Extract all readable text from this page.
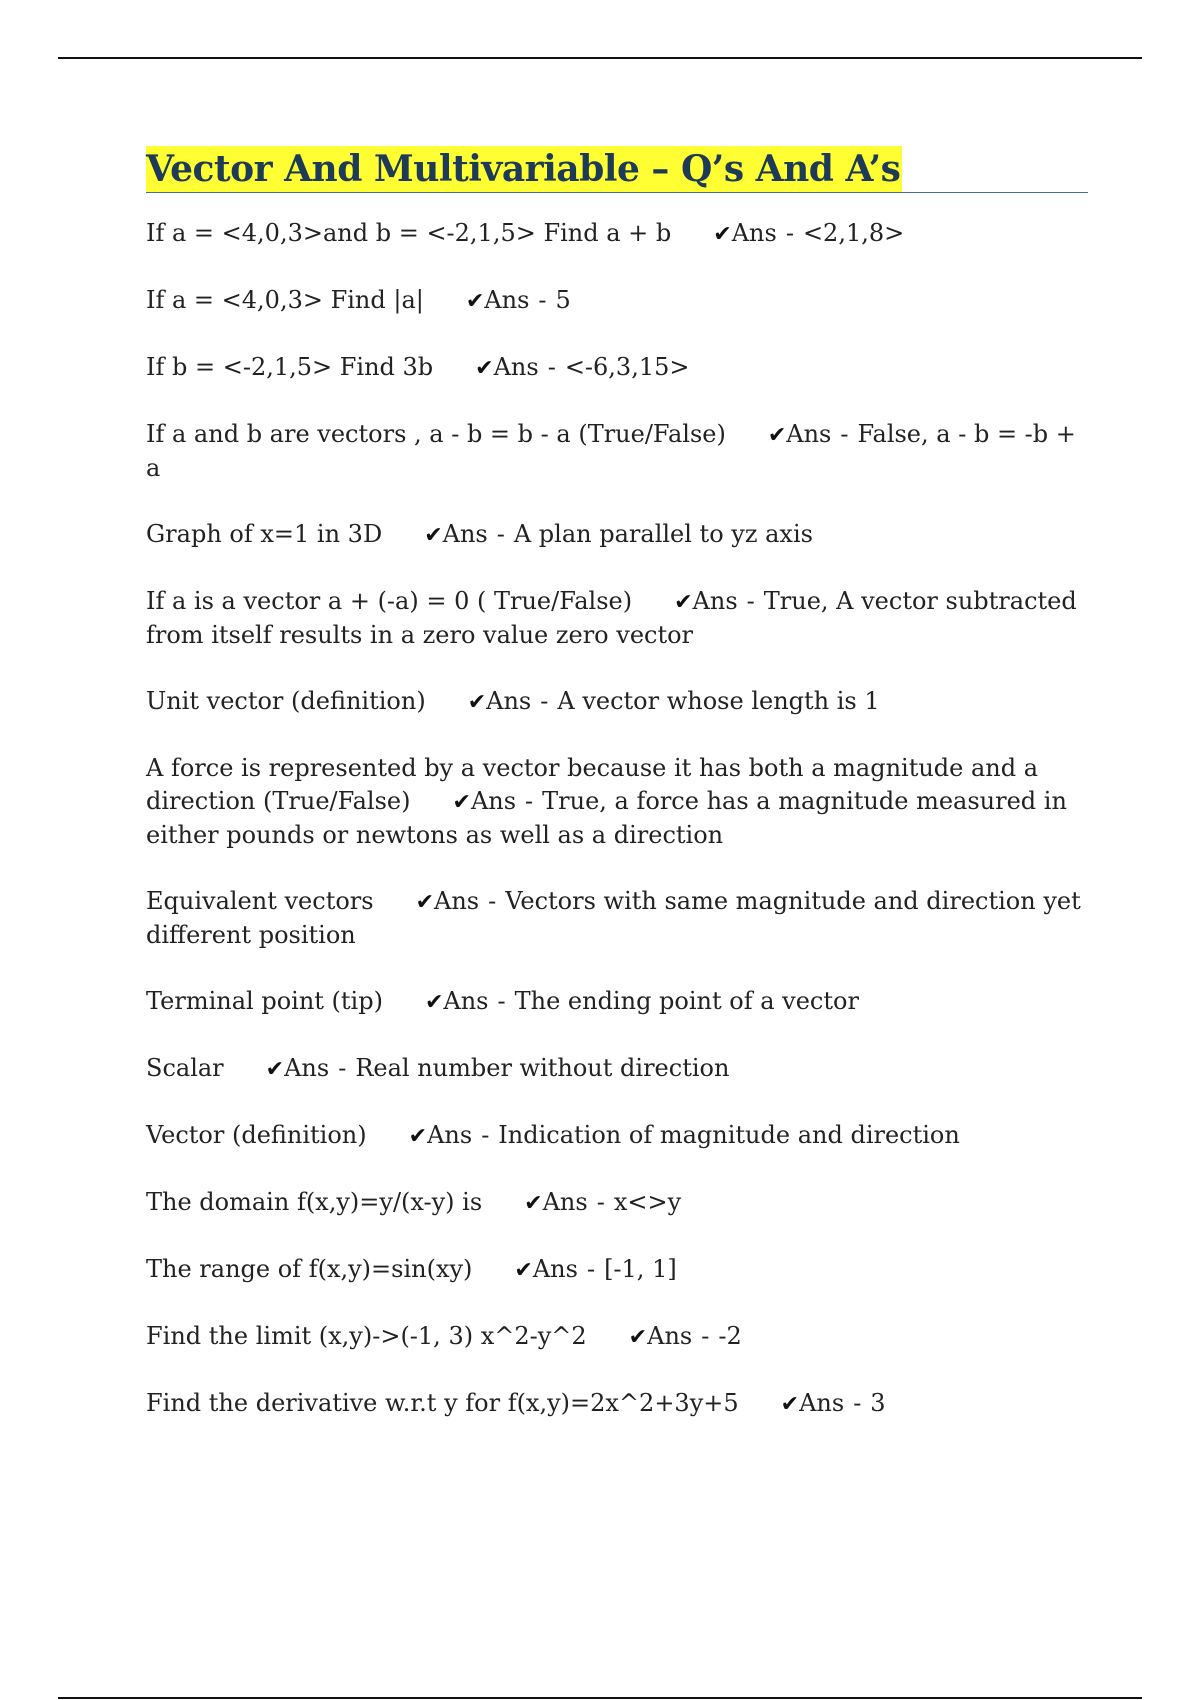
Vector And Multivariable – Q’s And A’s

If a = <4,0,3>and b = <-2,1,5> Find a + b ✔Ans - <2,1,8>

If a = <4,0,3> Find |a| ✔Ans - 5

If b = <-2,1,5> Find 3b ✔Ans - <-6,3,15>

If a and b are vectors , a - b = b - a (True/False) ✔Ans - False, a - b = -b + a

Graph of x=1 in 3D ✔Ans - A plan parallel to yz axis

If a is a vector a + (-a) = 0 ( True/False) ✔Ans - True, A vector subtracted from itself results in a zero value zero vector

Unit vector (definition) ✔Ans - A vector whose length is 1

A force is represented by a vector because it has both a magnitude and a direction (True/False) ✔Ans - True, a force has a magnitude measured in either pounds or newtons as well as a direction

Equivalent vectors ✔Ans - Vectors with same magnitude and direction yet different position

Terminal point (tip) ✔Ans - The ending point of a vector

Scalar ✔Ans - Real number without direction

Vector (definition) ✔Ans - Indication of magnitude and direction

The domain f(x,y)=y/(x-y) is ✔Ans - x<>y

The range of f(x,y)=sin(xy) ✔Ans - [-1, 1]

Find the limit (x,y)->(-1, 3) x^2-y^2 ✔Ans - -2

Find the derivative w.r.t y for f(x,y)=2x^2+3y+5 ✔Ans - 3
